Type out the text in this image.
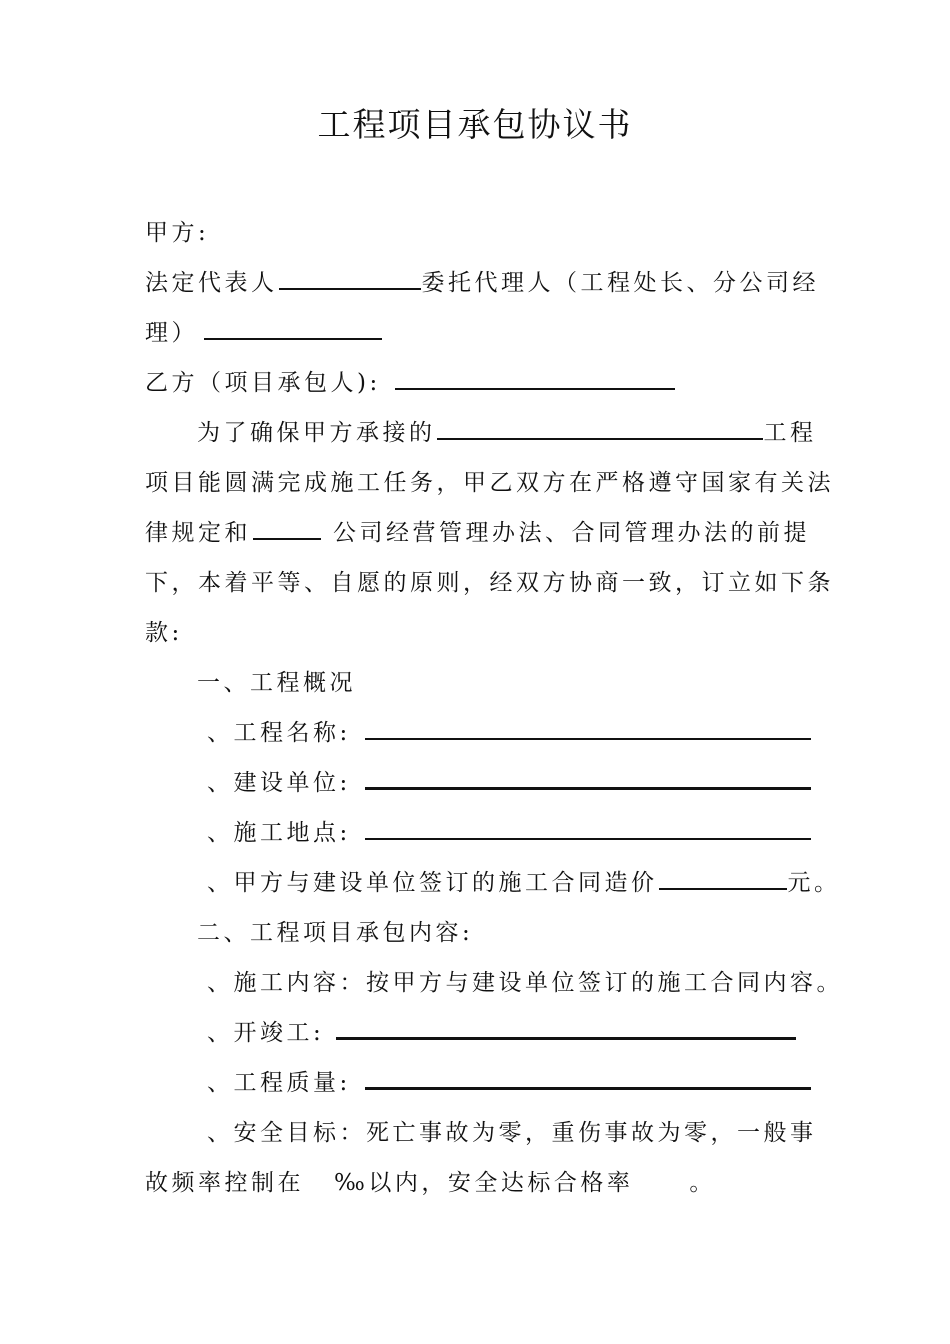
工程项目承包协议书
甲方:
法定代表人	委托代理人（工程处长、分公司经
理）
乙方（项目承包人):
为了确保甲方承接的	工程
项目能圆满完成施工任务，甲乙双方在严格遵守国家有关法
律规定和	公司经营管理办法、合同管理办法的前提
下，本着平等、自愿的原则，经双方协商一致，订立如下条
款:
一、工程概况
、工程名称:
、建设单位:
、施工地点:
、甲方与建设单位签订的施工合同造价	元。
二、工程项目承包内容:
、施工内容：按甲方与建设单位签订的施工合同内容。
、开竣工:
、工程质量:
、安全目标：死亡事故为零，重伤事故为零，一般事
故频率控制在 ‰以内，安全达标合格率 。
